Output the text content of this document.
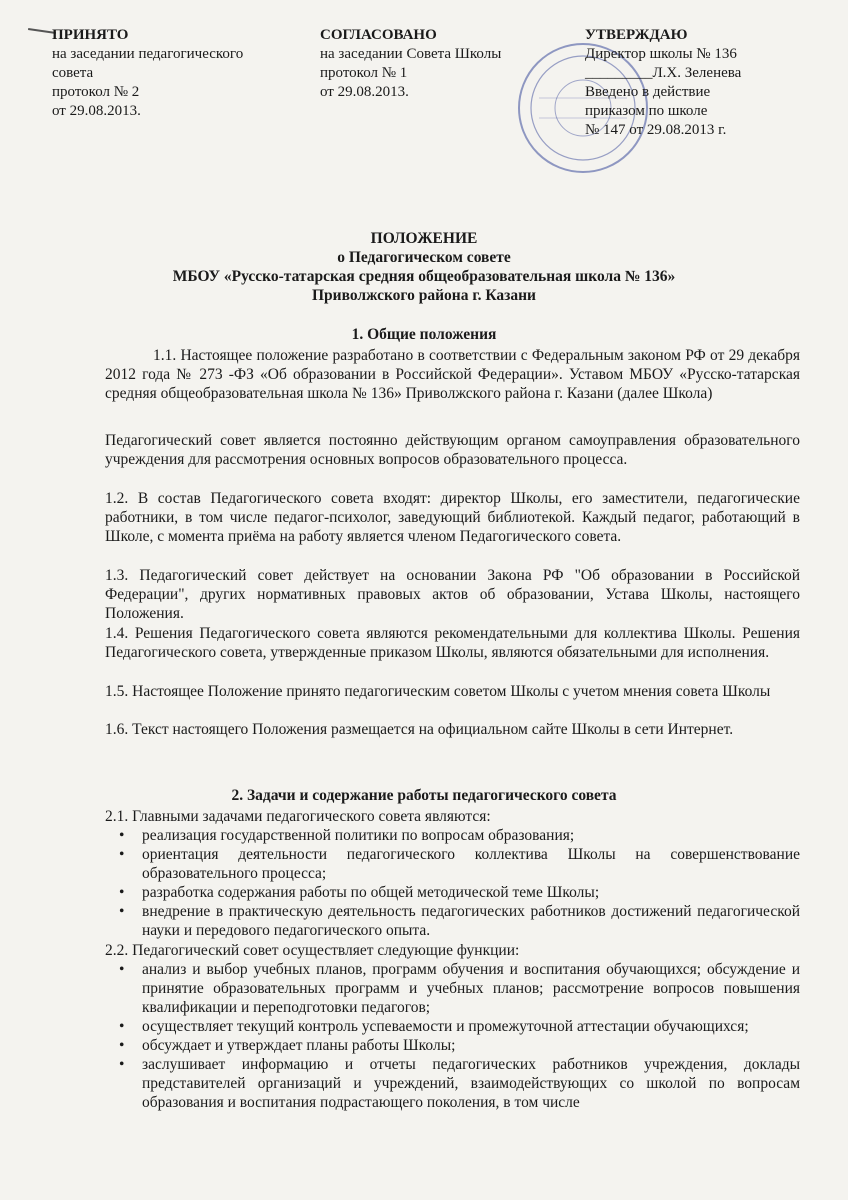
ПРИНЯТО
на заседании педагогического
совета
протокол № 2
от 29.08.2013.
СОГЛАСОВАНО
на заседании Совета Школы
протокол № 1
от 29.08.2013.
УТВЕРЖДАЮ
Директор школы № 136
_________Л.Х. Зеленева
Введено в действие
приказом по школе
№ 147 от 29.08.2013 г.
ПОЛОЖЕНИЕ
о Педагогическом совете
МБОУ «Русско-татарская средняя общеобразовательная школа № 136»
Приволжского района г. Казани
1. Общие положения
1.1. Настоящее положение разработано в соответствии с Федеральным законом РФ от 29 декабря 2012 года № 273 -ФЗ «Об образовании в Российской Федерации». Уставом МБОУ «Русско-татарская средняя общеобразовательная школа № 136» Приволжского района г. Казани (далее Школа)
Педагогический совет является постоянно действующим органом самоуправления образовательного учреждения для рассмотрения основных вопросов образовательного процесса.
1.2. В состав Педагогического совета входят: директор Школы, его заместители, педагогические работники, в том числе педагог-психолог, заведующий библиотекой. Каждый педагог, работающий в Школе, с момента приёма на работу является членом Педагогического совета.
1.3. Педагогический совет действует на основании Закона РФ "Об образовании в Российской Федерации", других нормативных правовых актов об образовании, Устава Школы, настоящего Положения.
1.4. Решения Педагогического совета являются рекомендательными для коллектива Школы. Решения Педагогического совета, утвержденные приказом Школы, являются обязательными для исполнения.
1.5. Настоящее Положение принято педагогическим советом Школы с учетом мнения совета Школы
1.6. Текст настоящего Положения размещается на официальном сайте Школы в сети Интернет.
2. Задачи и содержание работы педагогического совета
2.1. Главными задачами педагогического совета являются:
• реализация государственной политики по вопросам образования;
• ориентация деятельности педагогического коллектива Школы на совершенствование образовательного процесса;
• разработка содержания работы по общей методической теме Школы;
• внедрение в практическую деятельность педагогических работников достижений педагогической науки и передового педагогического опыта.
2.2. Педагогический совет осуществляет следующие функции:
• анализ и выбор учебных планов, программ обучения и воспитания обучающихся; обсуждение и принятие образовательных программ и учебных планов; рассмотрение вопросов повышения квалификации и переподготовки педагогов;
• осуществляет текущий контроль успеваемости и промежуточной аттестации обучающихся;
• обсуждает и утверждает планы работы Школы;
• заслушивает информацию и отчеты педагогических работников учреждения, доклады представителей организаций и учреждений, взаимодействующих со школой по вопросам образования и воспитания подрастающего поколения, в том числе
